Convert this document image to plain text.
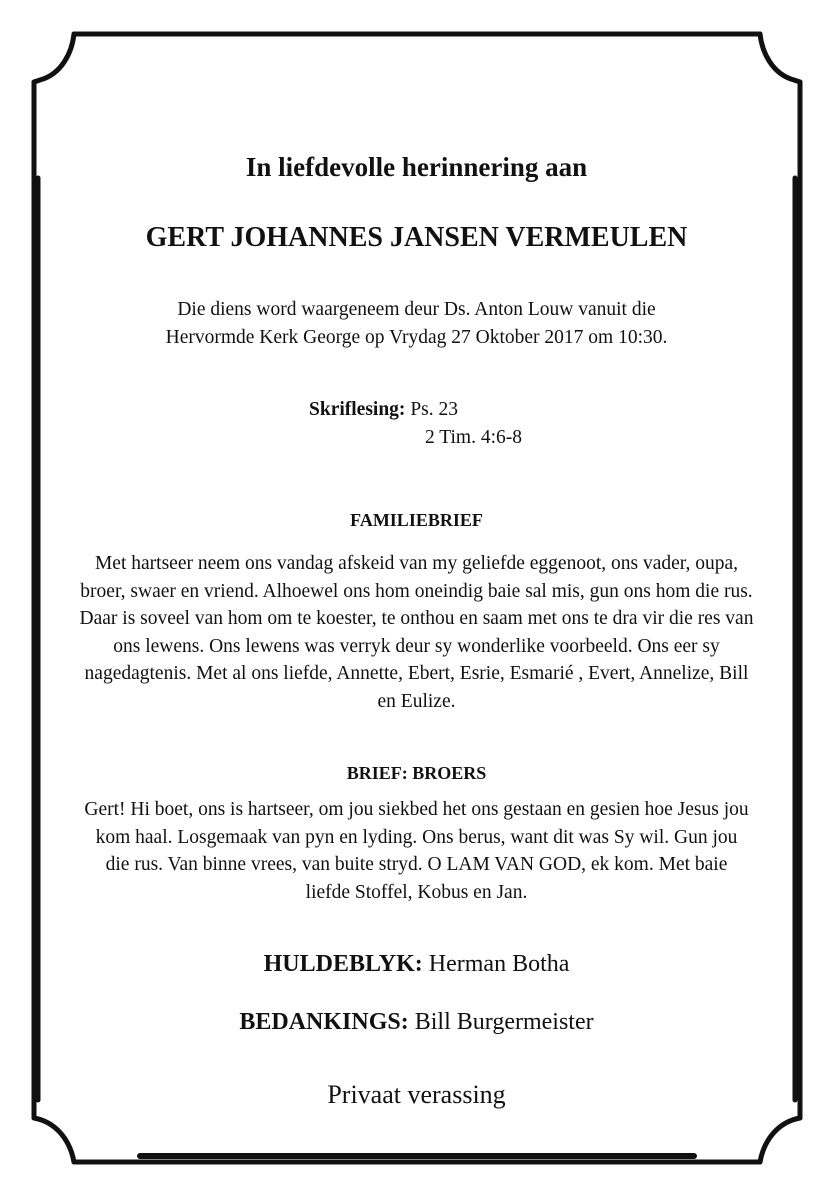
In liefdevolle herinnering aan
GERT JOHANNES JANSEN VERMEULEN
Die diens word waargeneem deur Ds. Anton Louw vanuit die
Hervormde Kerk George op Vrydag 27 Oktober 2017 om 10:30.
Skriflesing: Ps. 23
2 Tim. 4:6-8
FAMILIEBRIEF
Met hartseer neem ons vandag afskeid van my geliefde eggenoot, ons vader, oupa,
broer, swaer en vriend. Alhoewel ons hom oneindig baie sal mis, gun ons hom die rus.
Daar is soveel van hom om te koester, te onthou en saam met ons te dra vir die res van
ons lewens. Ons lewens was verryk deur sy wonderlike voorbeeld. Ons eer sy
nagedagtenis. Met al ons liefde, Annette, Ebert, Esrie, Esmarié , Evert, Annelize, Bill
en Eulize.
BRIEF: BROERS
Gert! Hi boet, ons is hartseer, om jou siekbed het ons gestaan en gesien hoe Jesus jou
kom haal. Losgemaak van pyn en lyding. Ons berus, want dit was Sy wil. Gun jou
die rus. Van binne vrees, van buite stryd. O LAM VAN GOD, ek kom. Met baie
liefde Stoffel, Kobus en Jan.
HULDEBLYK: Herman Botha
BEDANKINGS: Bill Burgermeister
Privaat verassing
